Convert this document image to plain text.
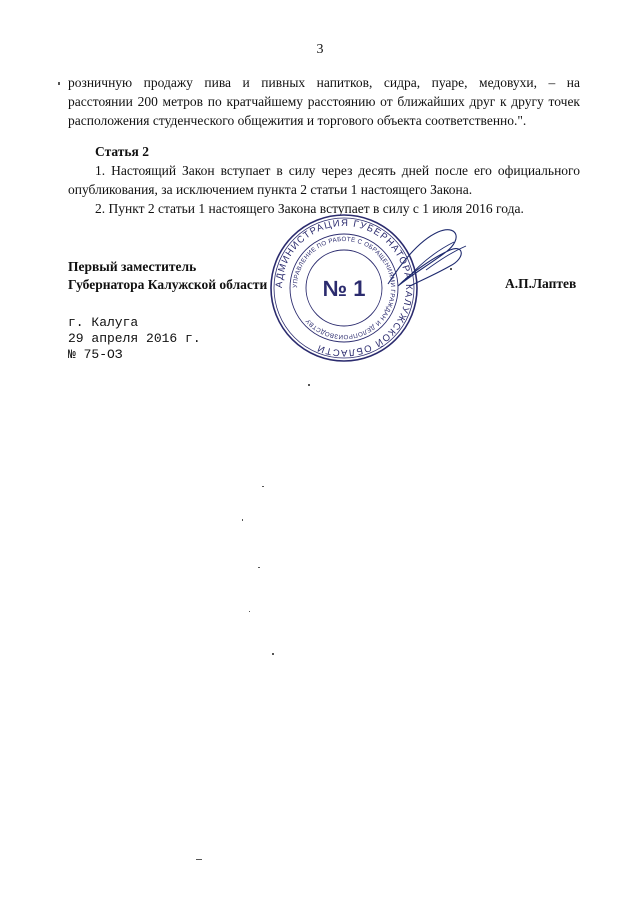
3
розничную продажу пива и пивных напитков, сидра, пуаре, медовухи, – на
расстоянии 200 метров по кратчайшему расстоянию от ближайших друг к другу точек
расположения студенческого общежития и торгового объекта соответственно.".
Статья 2
1. Настоящий Закон вступает в силу через десять дней после его официального
опубликования, за исключением пункта 2 статьи 1 настоящего Закона.
2. Пункт 2 статьи 1 настоящего Закона вступает в силу с 1 июля 2016 года.
Первый заместитель
Губернатора Калужской области	А.П.Лаптев
АДМИНИСТРАЦИЯ ГУБЕРНАТОРА КАЛУЖСКОЙ ОБЛАСТИ
УПРАВЛЕНИЕ ПО РАБОТЕ С ОБРАЩЕНИЯМИ ГРАЖДАН И ДЕЛОПРОИЗВОДСТВУ
№ 1
г. Калуга
29 апреля 2016 г.
№ 75-ОЗ
